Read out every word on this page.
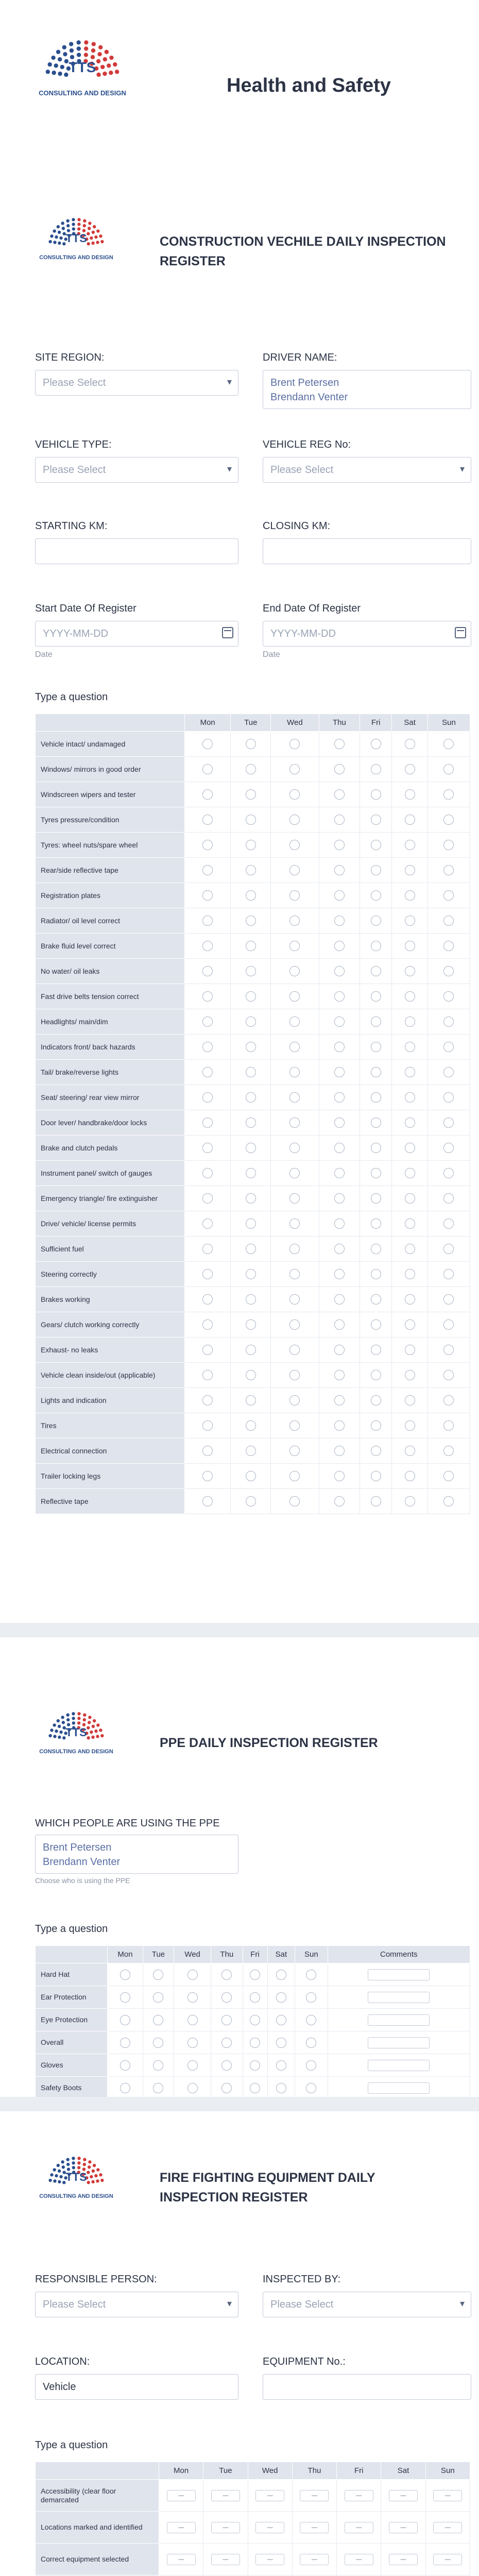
TTS
CONSULTING AND DESIGN	Health and Safety
TTS
CONSULTING AND DESIGN
CONSTRUCTION VECHILE DAILY INSPECTION REGISTER
SITE REGION:
Please Select ▾
DRIVER NAME:
Brent Petersen
Brendann Venter
VEHICLE TYPE:
Please Select ▾
VEHICLE REG No:
Please Select ▾
STARTING KM:	CLOSING KM:
Start Date Of Register
YYYY-MM-DD
Date
End Date Of Register
YYYY-MM-DD
Date
Type a question
	Mon	Tue	Wed	Thu	Fri	Sat	Sun
Vehicle intact/ undamaged							
Windows/ mirrors in good order							
Windscreen wipers and tester							
Tyres pressure/condition							
Tyres: wheel nuts/spare wheel							
Rear/side reflective tape							
Registration plates							
Radiator/ oil level correct							
Brake fluid level correct							
No water/ oil leaks							
Fast drive belts tension correct							
Headlights/ main/dim							
Indicators front/ back hazards							
Tail/ brake/reverse lights							
Seat/ steering/ rear view mirror							
Door lever/ handbrake/door locks							
Brake and clutch pedals							
Instrument panel/ switch of gauges							
Emergency triangle/ fire extinguisher							
Drive/ vehicle/ license permits							
Sufficient fuel							
Steering correctly							
Brakes working							
Gears/ clutch working correctly							
Exhaust- no leaks							
Vehicle clean inside/out (applicable)							
Lights and indication							
Tires							
Electrical connection							
Trailer locking legs							
Reflective tape							
TTS
CONSULTING AND DESIGN
PPE DAILY INSPECTION REGISTER
WHICH PEOPLE ARE USING THE PPE
Brent Petersen
Brendann Venter
Choose who is using the PPE
Type a question
	Mon	Tue	Wed	Thu	Fri	Sat	Sun	Comments
Hard Hat								
Ear Protection								
Eye Protection								
Overall								
Gloves								
Safety Boots								

TTS
CONSULTING AND DESIGN
FIRE FIGHTING EQUIPMENT DAILY INSPECTION REGISTER
RESPONSIBLE PERSON:
Please Select ▾
INSPECTED BY:
Please Select ▾
LOCATION:
Vehicle
EQUIPMENT No.:
Type a question
	Mon	Tue	Wed	Thu	Fri	Sat	Sun
Accessibility (clear floor demarcated	—	—	—	—	—	—	—
Locations marked and identified	—	—	—	—	—	—	—
Correct equipment selected	—	—	—	—	—	—	—
